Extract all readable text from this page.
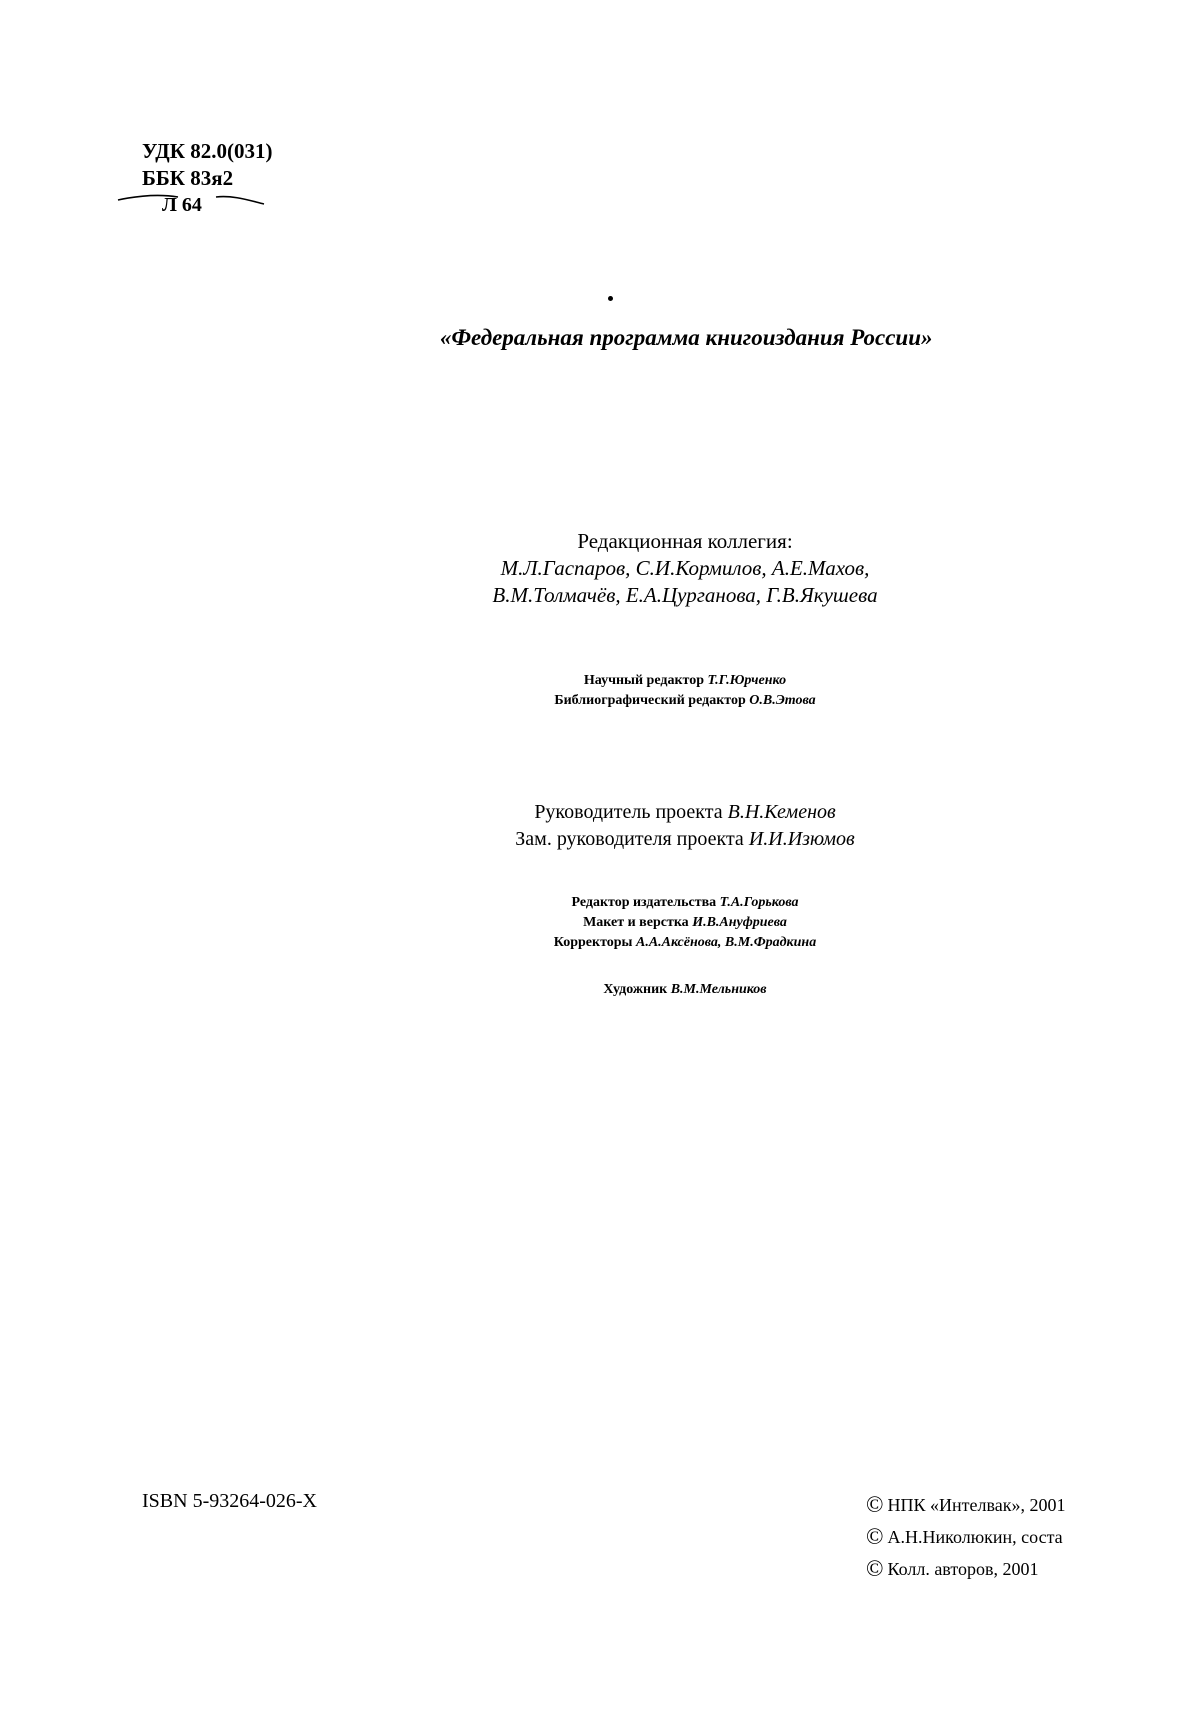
УДК 82.0(031)
ББК 83я2
Л 64
«Федеральная программа книгоиздания России»
Редакционная коллегия:
М.Л.Гаспаров, С.И.Кормилов, А.Е.Махов,
В.М.Толмачёв, Е.А.Цурганова, Г.В.Якушева
Научный редактор Т.Г.Юрченко
Библиографический редактор О.В.Этова
Руководитель проекта В.Н.Кеменов
Зам. руководителя проекта И.И.Изюмов
Редактор издательства Т.А.Горькова
Макет и верстка И.В.Ануфриева
Корректоры А.А.Аксёнова, В.М.Фрадкина
Художник В.М.Мельников
ISBN 5-93264-026-X	© НПК «Интелвак», 2001
© А.Н.Николюкин, соста
© Колл. авторов, 2001
